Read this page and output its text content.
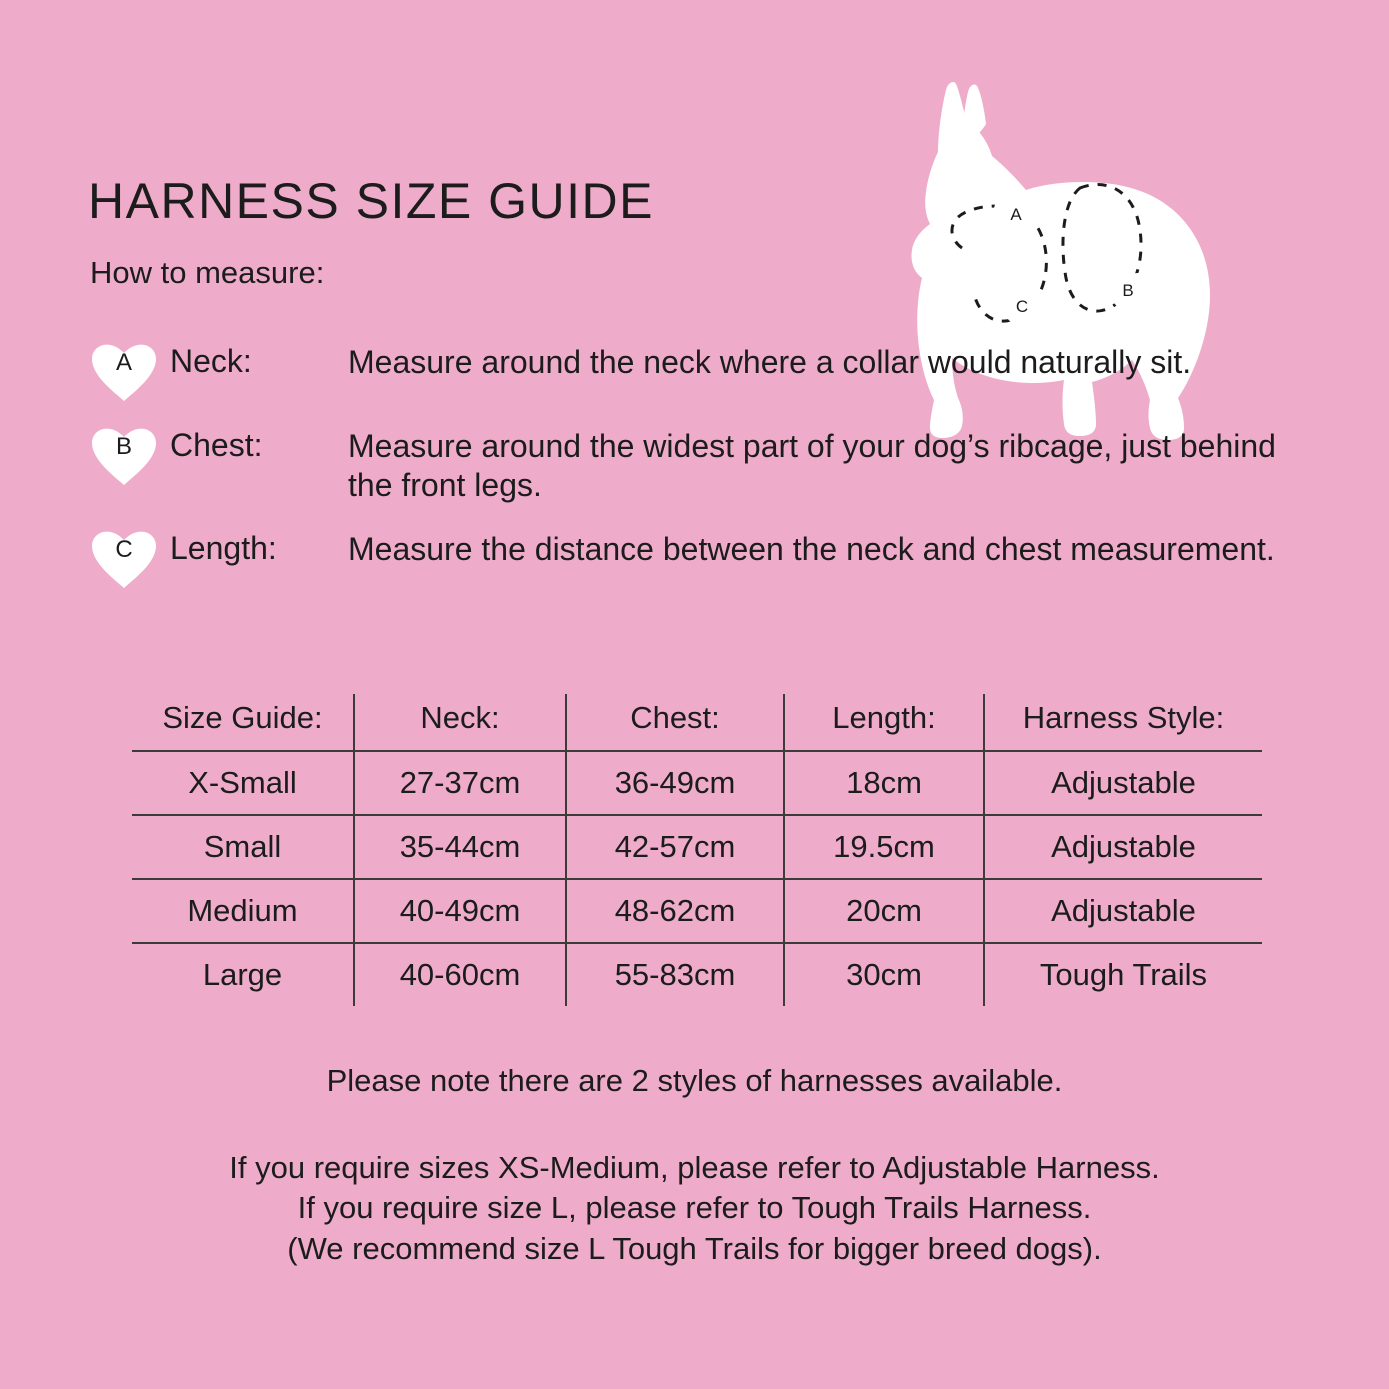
HARNESS SIZE GUIDE
How to measure:
A
C
B
A	Neck:	Measure around the neck where a collar would naturally sit.
B	Chest:	Measure around the widest part of your dog’s ribcage, just behind the front legs.
C	Length:	Measure the distance between the neck and chest measurement.
Size Guide:	Neck:	Chest:	Length:	Harness Style:
X-Small	27-37cm	36-49cm	18cm	Adjustable
Small	35-44cm	42-57cm	19.5cm	Adjustable
Medium	40-49cm	48-62cm	20cm	Adjustable
Large	40-60cm	55-83cm	30cm	Tough Trails
Please note there are 2 styles of harnesses available.
If you require sizes XS-Medium, please refer to Adjustable Harness.
If you require size L, please refer to Tough Trails Harness.
(We recommend size L Tough Trails for bigger breed dogs).
